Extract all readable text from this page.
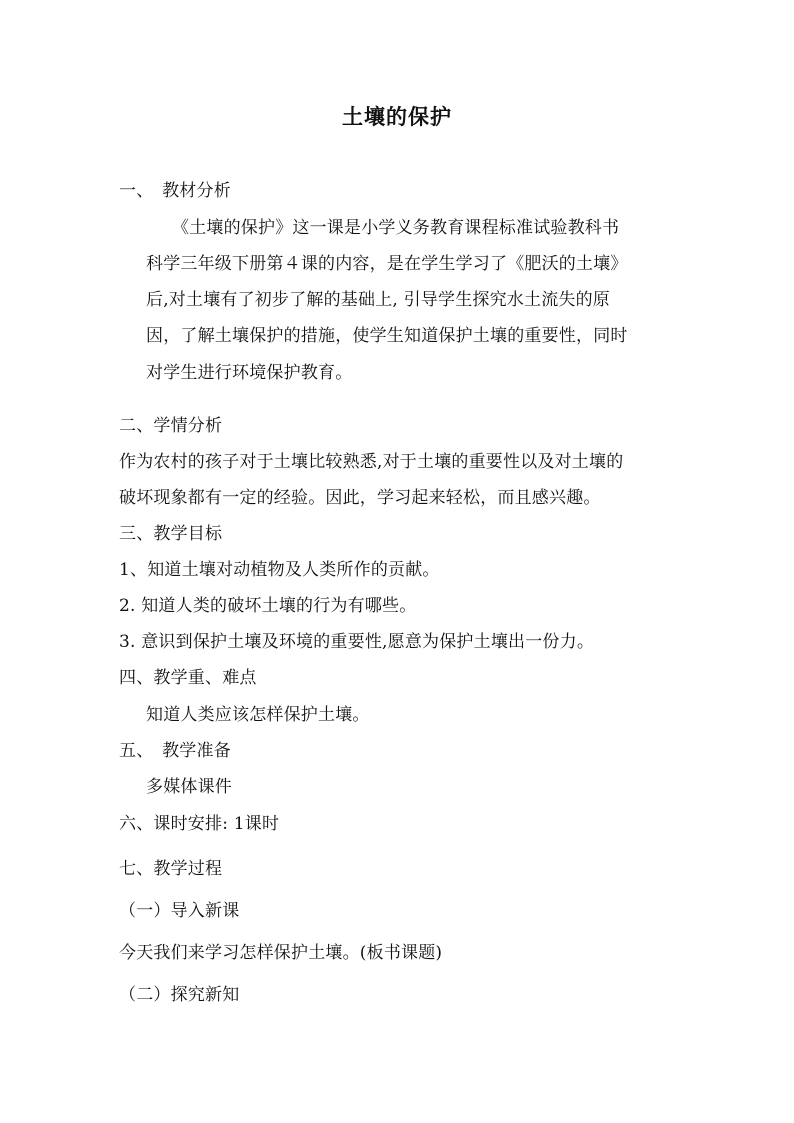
土壤的保护
一、　教材分析
《土壤的保护》这一课是小学义务教育课程标准试验教科书
科学三年级下册第４课的内容，是在学生学习了《肥沃的土壤》
后,对土壤有了初步了解的基础上, 引导学生探究水土流失的原
因，了解土壤保护的措施，使学生知道保护土壤的重要性，同时
对学生进行环境保护教育。
二、学情分析
作为农村的孩子对于土壤比较熟悉,对于土壤的重要性以及对土壤的
破坏现象都有一定的经验。因此，学习起来轻松，而且感兴趣。
三、教学目标
1、知道土壤对动植物及人类所作的贡献。
2. 知道人类的破坏土壤的行为有哪些。
3. 意识到保护土壤及环境的重要性,愿意为保护土壤出一份力。
四、教学重、难点
知道人类应该怎样保护土壤。
五、　教学准备
多媒体课件
六、课时安排: 1课时
七、教学过程
（一）导入新课
今天我们来学习怎样保护土壤。(板书课题)
（二）探究新知
